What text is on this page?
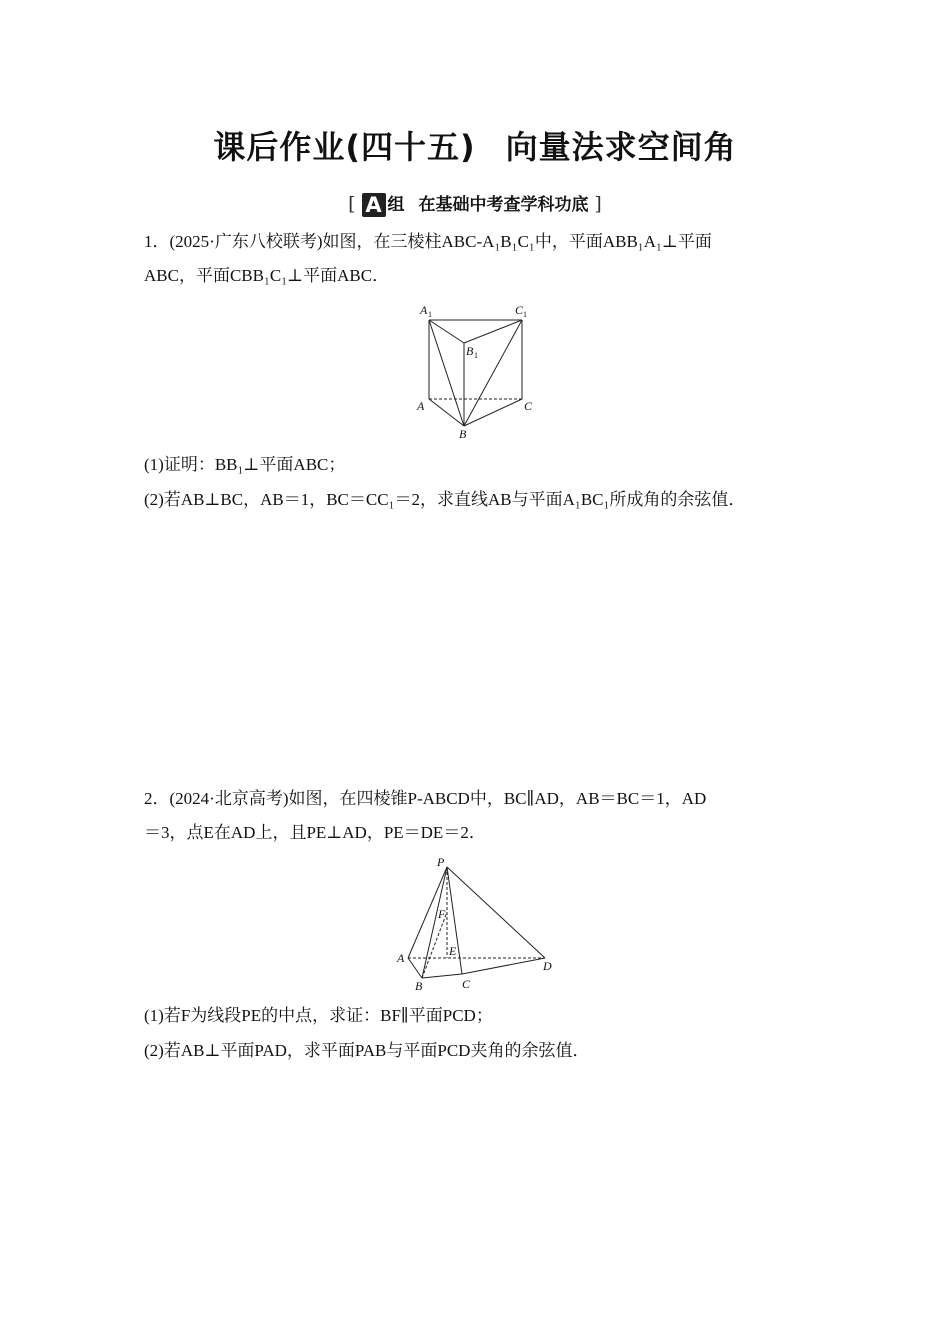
课后作业(四十五) 向量法求空间角
[ A 组 在基础中考查学科功底 ]
1．(2025·广东八校联考)如图，在三棱柱ABC-A₁B₁C₁中，平面ABB₁A₁⊥平面
ABC，平面CBB₁C₁⊥平面ABC．
A 1	C 1
B 1
A	C
B
(1)证明：BB₁⊥平面ABC；
(2)若AB⊥BC，AB＝1，BC＝CC₁＝2，求直线AB与平面A₁BC₁所成角的余弦值．
2．(2024·北京高考)如图，在四棱锥P-ABCD中，BC∥AD，AB＝BC＝1，AD
＝3，点E在AD上，且PE⊥AD，PE＝DE＝2．
P
F
E
A
B	C
D
(1)若F为线段PE的中点，求证：BF∥平面PCD；
(2)若AB⊥平面PAD，求平面PAB与平面PCD夹角的余弦值．
